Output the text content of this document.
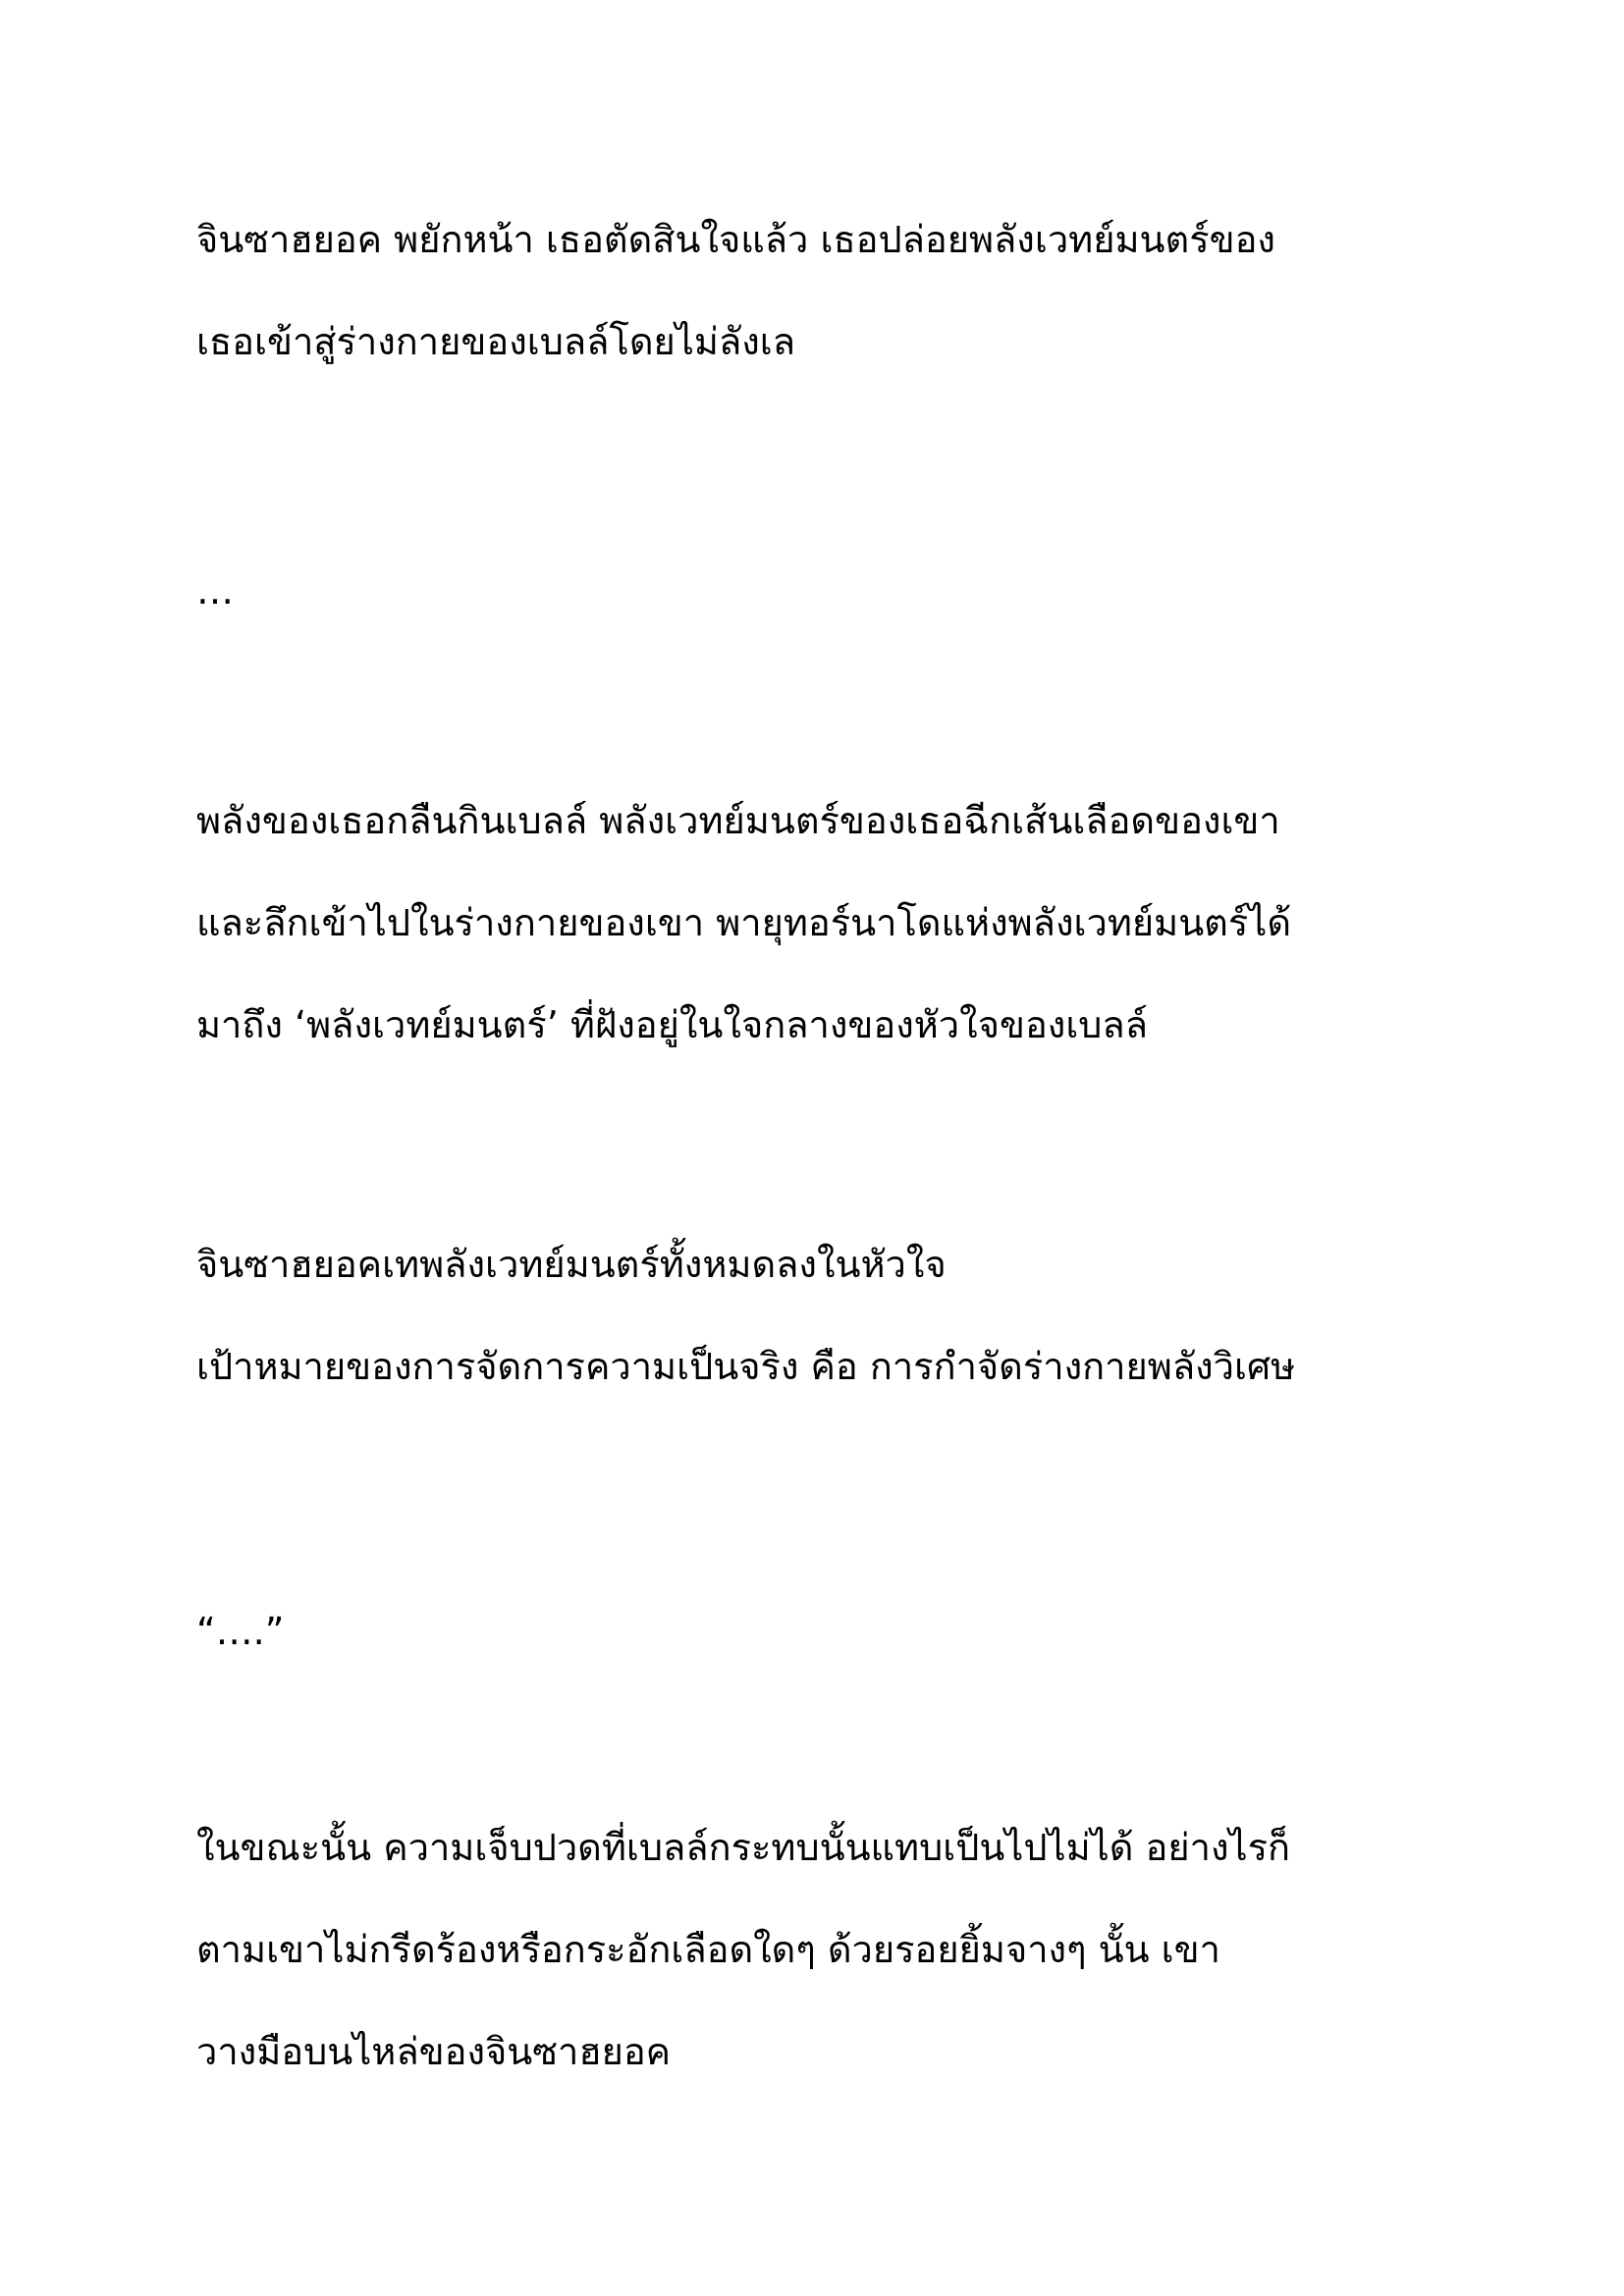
จินซาฮยอค พยักหน้า เธอตัดสินใจแล้ว เธอปล่อยพลังเวทย์มนตร์ของ

เธอเข้าสู่ร่างกายของเบลล์โดยไม่ลังเล

…

พลังของเธอกลืนกินเบลล์ พลังเวทย์มนตร์ของเธอฉีกเส้นเลือดของเขา

และลึกเข้าไปในร่างกายของเขา พายุทอร์นาโดแห่งพลังเวทย์มนตร์ได้

มาถึง ‘พลังเวทย์มนตร์’ ที่ฝังอยู่ในใจกลางของหัวใจของเบลล์

จินซาฮยอคเทพลังเวทย์มนตร์ทั้งหมดลงในหัวใจ

เป้าหมายของการจัดการความเป็นจริง คือ การกำจัดร่างกายพลังวิเศษ

“….”

ในขณะนั้น ความเจ็บปวดที่เบลล์กระทบนั้นแทบเป็นไปไม่ได้ อย่างไรก็

ตามเขาไม่กรีดร้องหรือกระอักเลือดใดๆ ด้วยรอยยิ้มจางๆ นั้น เขา

วางมือบนไหล่ของจินซาฮยอค
